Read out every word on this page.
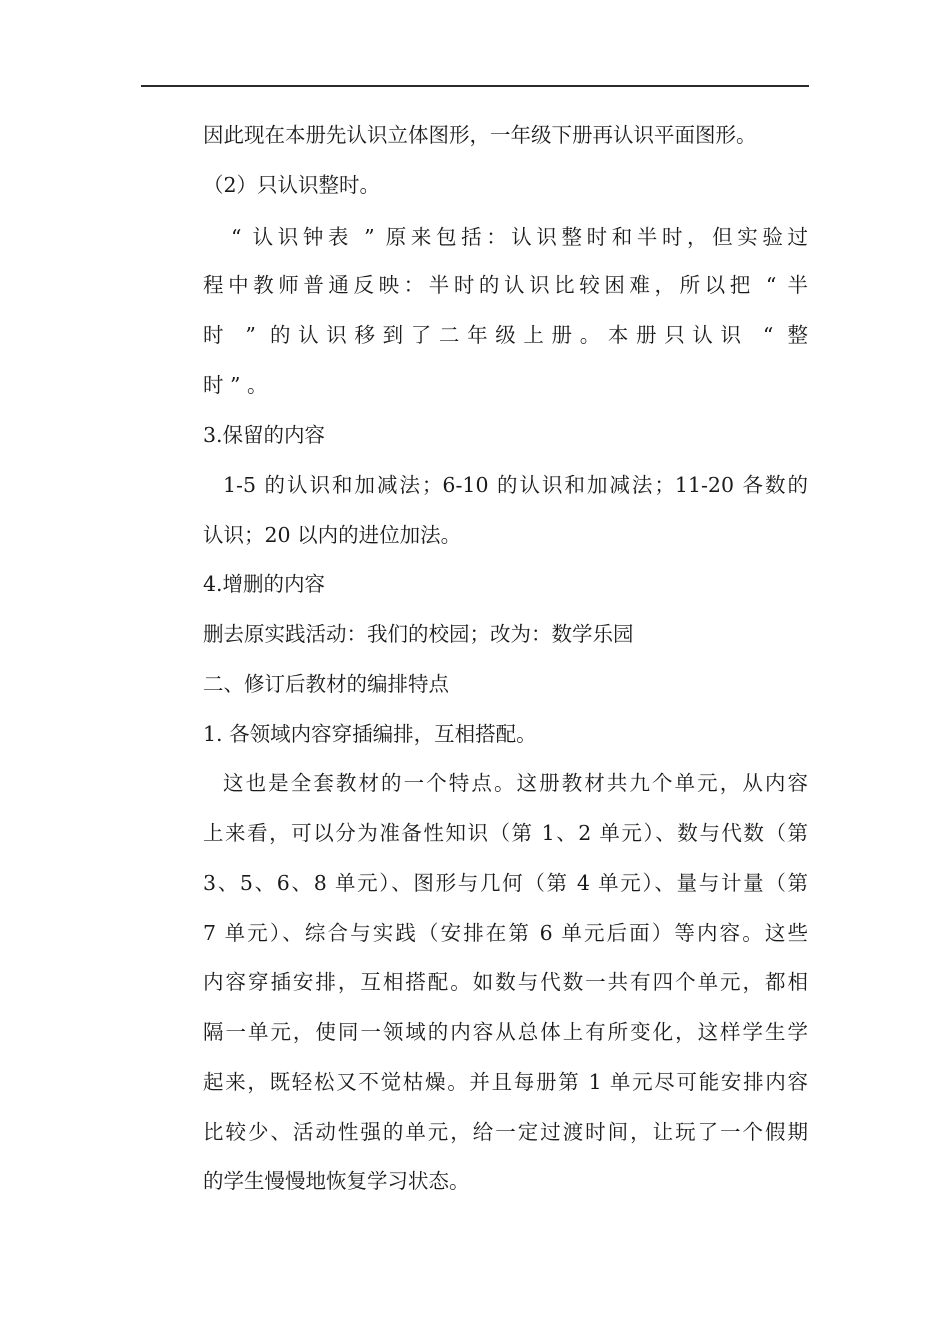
因此现在本册先认识立体图形，一年级下册再认识平面图形。
（2）只认识整时。
“ 认识钟表 ” 原来包括：认识整时和半时，但实验过
程中教师普通反映：半时的认识比较困难，所以把 “ 半
时 ” 的认识移到了二年级上册。本册只认识 “ 整
时 ” 。
3.保留的内容
1-5 的认识和加减法；6-10 的认识和加减法；11-20 各数的
认识；20 以内的进位加法。
4.增删的内容
删去原实践活动：我们的校园；改为：数学乐园
二、修订后教材的编排特点
1. 各领域内容穿插编排，互相搭配。
这也是全套教材的一个特点。这册教材共九个单元，从内容
上来看，可以分为准备性知识（第 1、2 单元）、数与代数（第
3、5、6、8 单元）、图形与几何（第 4 单元）、量与计量（第
7 单元）、综合与实践（安排在第 6 单元后面）等内容。这些
内容穿插安排，互相搭配。如数与代数一共有四个单元，都相
隔一单元，使同一领域的内容从总体上有所变化，这样学生学
起来，既轻松又不觉枯燥。并且每册第 1 单元尽可能安排内容
比较少、活动性强的单元，给一定过渡时间，让玩了一个假期
的学生慢慢地恢复学习状态。
